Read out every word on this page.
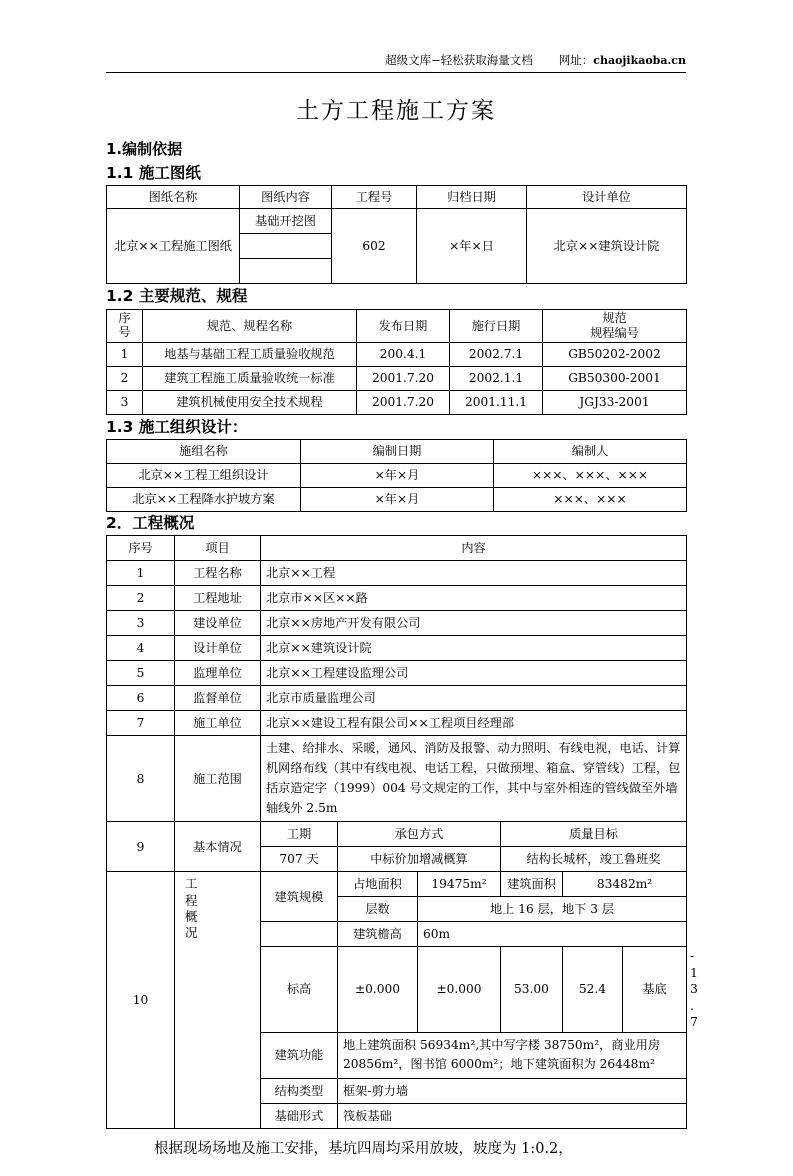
超级文库−轻松获取海量文档 网址：chaojikaoba.cn
土方工程施工方案
1.编制依据
1.1 施工图纸
图纸名称	图纸内容	工程号	归档日期	设计单位
北京××工程施工图纸	基础开挖图	602	×年×日	北京××建筑设计院

1.2 主要规范、规程
序
号	规范、规程名称	发布日期	施行日期	规范
规程编号
1	地基与基础工程工质量验收规范	200.4.1	2002.7.1	GB50202-2002
2	建筑工程施工质量验收统一标准	2001.7.20	2002.1.1	GB50300-2001
3	建筑机械使用安全技术规程	2001.7.20	2001.11.1	JGJ33-2001
1.3 施工组织设计：
施组名称	编制日期	编制人
北京××工程工组织设计	×年×月	×××、×××、×××
北京××工程降水护坡方案	×年×月	×××、×××
2．工程概况
序号	项目	内容						
1	工程名称	北京××工程						
2	工程地址	北京市××区××路						
3	建设单位	北京××房地产开发有限公司						
4	设计单位	北京××建筑设计院						
5	监理单位	北京××工程建设监理公司						
6	监督单位	北京市质量监理公司						
7	施工单位	北京××建设工程有限公司××工程项目经理部						
8	施工范围	土建、给排水、采暖，通风、消防及报警、动力照明、有线电视，电话、计算机网络布线（其中有线电视、电话工程，只做预埋、箱盒、穿管线）工程，包括京造定字（1999）004 号文规定的工作，其中与室外相连的管线做至外墙轴线外 2.5m						
9	基本情况	工期	承包方式		质量目标			
		707 天	中标价加增减概算		结构长城杯，竣工鲁班奖			
10	工
程
概
况	建筑规模	占地面积	19475m²	建筑面积	83482m²		
			层数	地上 16 层，地下 3 层				
			建筑檐高	60m				
		标高	±0.000	±0.000	53.00	52.4	基底	-13.7
		建筑功能	地上建筑面积 56934m²,其中写字楼 38750m²，商业用房
20856m²，图书馆 6000m²；地下建筑面积为 26448m²					
		结构类型	框架-剪力墙					
		基础形式	筏板基础					

根据现场场地及施工安排，基坑四周均采用放坡，坡度为 1:0.2，
